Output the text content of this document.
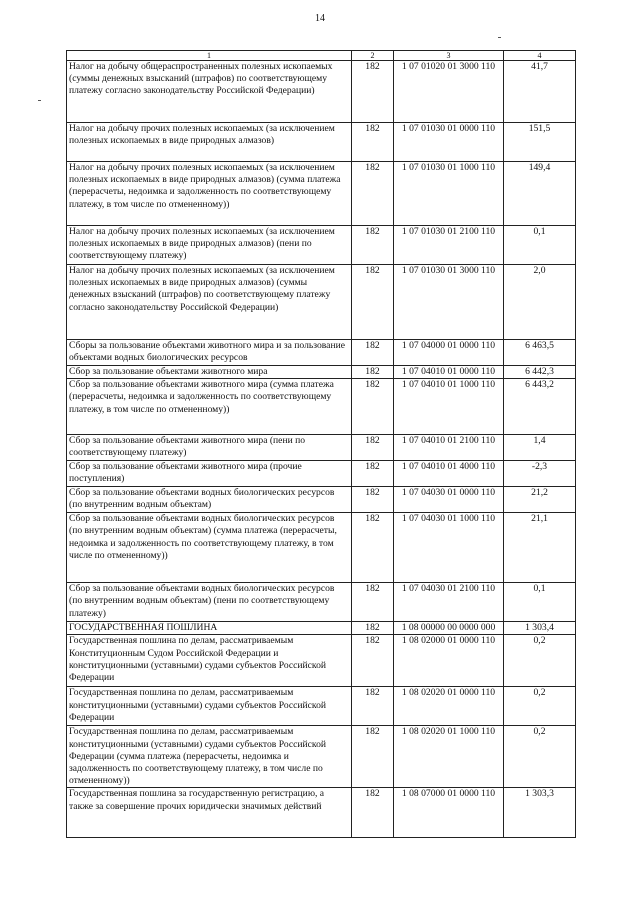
14
1	2	3	4
Налог на добычу общераспространенных полезных ископаемых (суммы денежных взысканий (штрафов) по соответствующему платежу согласно законодательству Российской Федерации)	182	1 07 01020 01 3000 110	41,7
Налог на добычу прочих полезных ископаемых (за исключением полезных ископаемых в виде природных алмазов)	182	1 07 01030 01 0000 110	151,5
Налог на добычу прочих полезных ископаемых (за исключением полезных ископаемых в виде природных алмазов) (сумма платежа (перерасчеты, недоимка и задолженность по соответствующему платежу, в том числе по отмененному))	182	1 07 01030 01 1000 110	149,4
Налог на добычу прочих полезных ископаемых (за исключением полезных ископаемых в виде природных алмазов) (пени по соответствующему платежу)	182	1 07 01030 01 2100 110	0,1
Налог на добычу прочих полезных ископаемых (за исключением полезных ископаемых в виде природных алмазов) (суммы денежных взысканий (штрафов) по соответствующему платежу согласно законодательству Российской Федерации)	182	1 07 01030 01 3000 110	2,0
Сборы за пользование объектами животного мира и за пользование объектами водных биологических ресурсов	182	1 07 04000 01 0000 110	6 463,5
Сбор за пользование объектами животного мира	182	1 07 04010 01 0000 110	6 442,3
Сбор за пользование объектами животного мира (сумма платежа (перерасчеты, недоимка и задолженность по соответствующему платежу, в том числе по отмененному))	182	1 07 04010 01 1000 110	6 443,2
Сбор за пользование объектами животного мира (пени по соответствующему платежу)	182	1 07 04010 01 2100 110	1,4
Сбор за пользование объектами животного мира (прочие поступления)	182	1 07 04010 01 4000 110	-2,3
Сбор за пользование объектами водных биологических ресурсов (по внутренним водным объектам)	182	1 07 04030 01 0000 110	21,2
Сбор за пользование объектами водных биологических ресурсов (по внутренним водным объектам) (сумма платежа (перерасчеты, недоимка и задолженность по соответствующему платежу, в том числе по отмененному))	182	1 07 04030 01 1000 110	21,1
Сбор за пользование объектами водных биологических ресурсов (по внутренним водным объектам) (пени по соответствующему платежу)	182	1 07 04030 01 2100 110	0,1
ГОСУДАРСТВЕННАЯ ПОШЛИНА	182	1 08 00000 00 0000 000	1 303,4
Государственная пошлина по делам, рассматриваемым Конституционным Судом Российской Федерации и конституционными (уставными) судами субъектов Российской Федерации	182	1 08 02000 01 0000 110	0,2
Государственная пошлина по делам, рассматриваемым конституционными (уставными) судами субъектов Российской Федерации	182	1 08 02020 01 0000 110	0,2
Государственная пошлина по делам, рассматриваемым конституционными (уставными) судами субъектов Российской Федерации (сумма платежа (перерасчеты, недоимка и задолженность по соответствующему платежу, в том числе по отмененному))	182	1 08 02020 01 1000 110	0,2
Государственная пошлина за государственную регистрацию, а также за совершение прочих юридически значимых действий	182	1 08 07000 01 0000 110	1 303,3
